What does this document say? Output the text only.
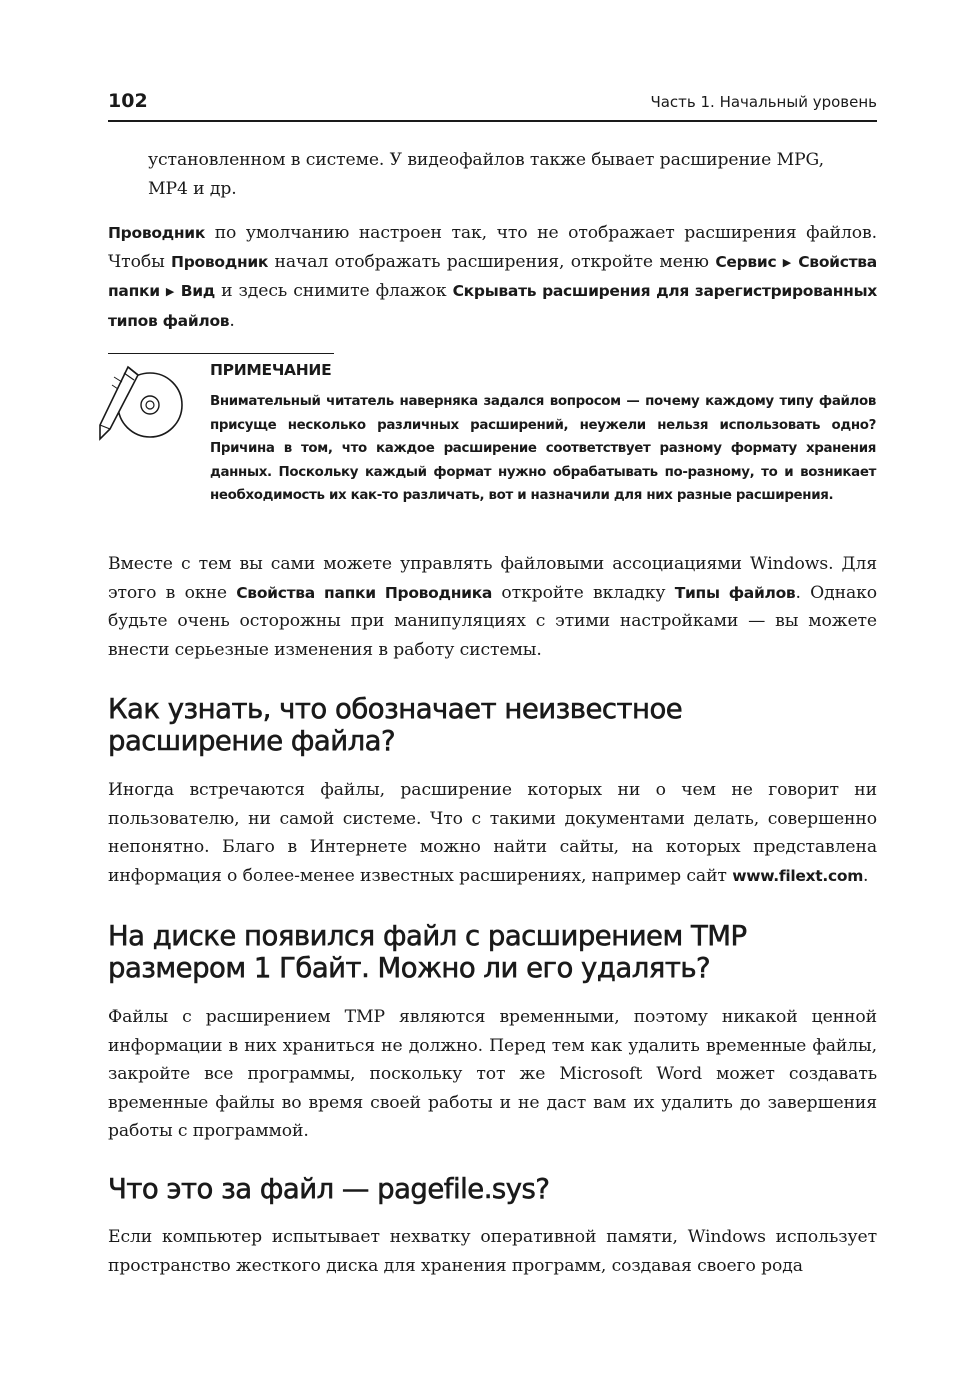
102	Часть 1. Начальный уровень
установленном в системе. У видеофайлов также бывает расширение MPG,
MP4 и др.
Проводник по умолчанию настроен так, что не отображает расширения файлов. Чтобы Проводник начал отображать расширения, откройте меню Сервис ▶ Свойства папки ▶ Вид и здесь снимите флажок Скрывать расширения для зарегистрированных типов файлов.
ПРИМЕЧАНИЕ
Внимательный читатель наверняка задался вопросом — почему каждому типу файлов присуще несколько различных расширений, неужели нельзя использовать одно? Причина в том, что каждое расширение соответствует разному формату хранения данных. Поскольку каждый формат нужно обрабатывать по-разному, то и возникает необходимость их как-то различать, вот и назначили для них разные расширения.
Вместе с тем вы сами можете управлять файловыми ассоциациями Windows. Для этого в окне Свойства папки Проводника откройте вкладку Типы файлов. Однако будьте очень осторожны при манипуляциях с этими настройками — вы можете внести серьезные изменения в работу системы.
Как узнать, что обозначает неизвестное
расширение файла?
Иногда встречаются файлы, расширение которых ни о чем не говорит ни пользователю, ни самой системе. Что с такими документами делать, совершенно непонятно. Благо в Интернете можно найти сайты, на которых представлена информация о более-менее известных расширениях, например сайт www.filext.com.
На диске появился файл с расширением TMP
размером 1 Гбайт. Можно ли его удалять?
Файлы с расширением TMP являются временными, поэтому никакой ценной информации в них храниться не должно. Перед тем как удалить временные файлы, закройте все программы, поскольку тот же Microsoft Word может создавать временные файлы во время своей работы и не даст вам их удалить до завершения работы с программой.
Что это за файл — pagefile.sys?
Если компьютер испытывает нехватку оперативной памяти, Windows использует пространство жесткого диска для хранения программ, создавая своего рода
